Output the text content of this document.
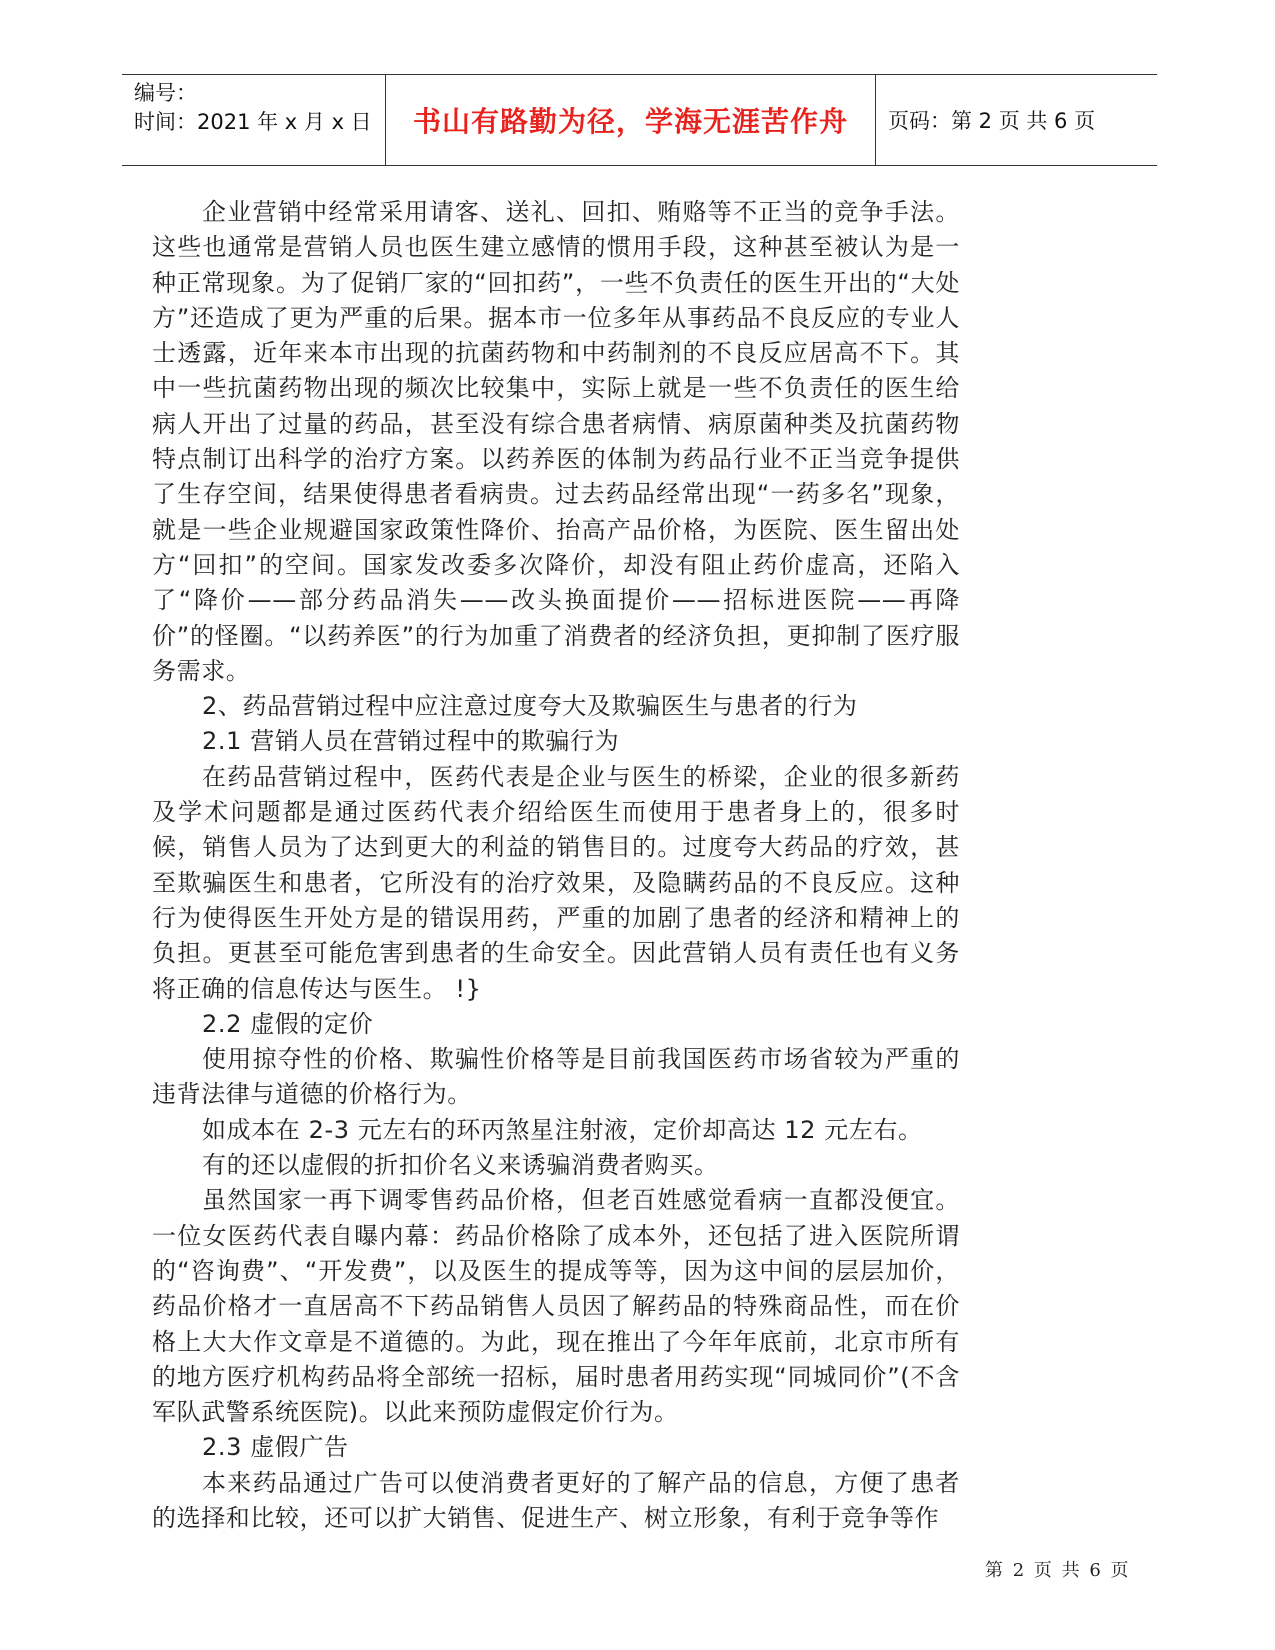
编号：
时间：2021 年 x 月 x 日	书山有路勤为径，学海无涯苦作舟	页码：第 2 页 共 6 页

企业营销中经常采用请客、送礼、回扣、贿赂等不正当的竞争手法。这些也通常是营销人员也医生建立感情的惯用手段，这种甚至被认为是一种正常现象。为了促销厂家的“回扣药”，一些不负责任的医生开出的“大处方”还造成了更为严重的后果。据本市一位多年从事药品不良反应的专业人士透露，近年来本市出现的抗菌药物和中药制剂的不良反应居高不下。其中一些抗菌药物出现的频次比较集中，实际上就是一些不负责任的医生给病人开出了过量的药品，甚至没有综合患者病情、病原菌种类及抗菌药物特点制订出科学的治疗方案。以药养医的体制为药品行业不正当竞争提供了生存空间，结果使得患者看病贵。过去药品经常出现“一药多名”现象，就是一些企业规避国家政策性降价、抬高产品价格，为医院、医生留出处方“回扣”的空间。国家发改委多次降价，却没有阻止药价虚高，还陷入了“降价——部分药品消失——改头换面提价——招标进医院——再降价”的怪圈。“以药养医”的行为加重了消费者的经济负担，更抑制了医疗服务需求。

2、药品营销过程中应注意过度夸大及欺骗医生与患者的行为

2.1 营销人员在营销过程中的欺骗行为

在药品营销过程中，医药代表是企业与医生的桥梁，企业的很多新药及学术问题都是通过医药代表介绍给医生而使用于患者身上的，很多时候，销售人员为了达到更大的利益的销售目的。过度夸大药品的疗效，甚至欺骗医生和患者，它所没有的治疗效果，及隐瞒药品的不良反应。这种行为使得医生开处方是的错误用药，严重的加剧了患者的经济和精神上的负担。更甚至可能危害到患者的生命安全。因此营销人员有责任也有义务将正确的信息传达与医生。 !}

2.2 虚假的定价

使用掠夺性的价格、欺骗性价格等是目前我国医药市场省较为严重的违背法律与道德的价格行为。

如成本在 2-3 元左右的环丙煞星注射液，定价却高达 12 元左右。

有的还以虚假的折扣价名义来诱骗消费者购买。

虽然国家一再下调零售药品价格，但老百姓感觉看病一直都没便宜。一位女医药代表自曝内幕：药品价格除了成本外，还包括了进入医院所谓的“咨询费”、“开发费”，以及医生的提成等等，因为这中间的层层加价，药品价格才一直居高不下药品销售人员因了解药品的特殊商品性，而在价格上大大作文章是不道德的。为此，现在推出了今年年底前，北京市所有的地方医疗机构药品将全部统一招标，届时患者用药实现“同城同价”(不含军队武警系统医院)。以此来预防虚假定价行为。

2.3 虚假广告

本来药品通过广告可以使消费者更好的了解产品的信息，方便了患者的选择和比较，还可以扩大销售、促进生产、树立形象，有利于竞争等作

第 2 页 共 6 页
